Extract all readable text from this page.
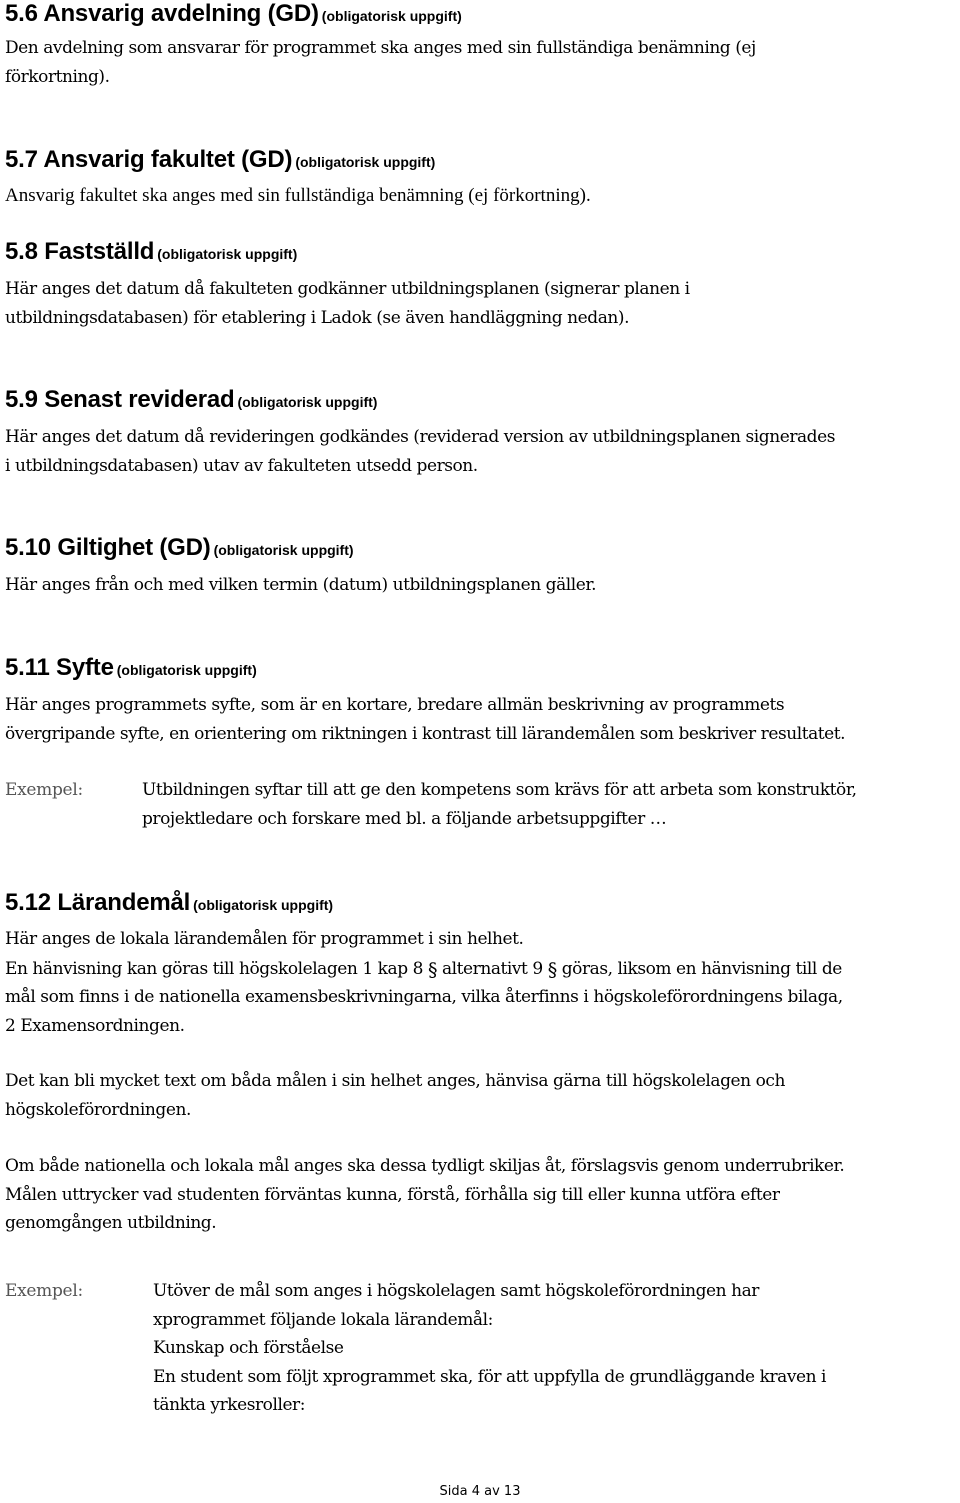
5.6 Ansvarig avdelning (GD) (obligatorisk uppgift)

Den avdelning som ansvarar för programmet ska anges med sin fullständiga benämning (ej

förkortning).

5.7 Ansvarig fakultet (GD) (obligatorisk uppgift)

Ansvarig fakultet ska anges med sin fullständiga benämning (ej förkortning).

5.8 Fastställd (obligatorisk uppgift)

Här anges det datum då fakulteten godkänner utbildningsplanen (signerar planen i

utbildningsdatabasen) för etablering i Ladok (se även handläggning nedan).

5.9 Senast reviderad (obligatorisk uppgift)

Här anges det datum då revideringen godkändes (reviderad version av utbildningsplanen signerades

i utbildningsdatabasen) utav av fakulteten utsedd person.

5.10 Giltighet (GD) (obligatorisk uppgift)

Här anges från och med vilken termin (datum) utbildningsplanen gäller.

5.11 Syfte (obligatorisk uppgift)

Här anges programmets syfte, som är en kortare, bredare allmän beskrivning av programmets

övergripande syfte, en orientering om riktningen i kontrast till lärandemålen som beskriver resultatet.

Exempel:	Utbildningen syftar till att ge den kompetens som krävs för att arbeta som konstruktör,

projektledare och forskare med bl. a följande arbetsuppgifter …

5.12 Lärandemål (obligatorisk uppgift)

Här anges de lokala lärandemålen för programmet i sin helhet.

En hänvisning kan göras till högskolelagen 1 kap 8 § alternativt 9 § göras, liksom en hänvisning till de

mål som finns i de nationella examensbeskrivningarna, vilka återfinns i högskoleförordningens bilaga,

2 Examensordningen.

Det kan bli mycket text om båda målen i sin helhet anges, hänvisa gärna till högskolelagen och

högskoleförordningen.

Om både nationella och lokala mål anges ska dessa tydligt skiljas åt, förslagsvis genom underrubriker.

Målen uttrycker vad studenten förväntas kunna, förstå, förhålla sig till eller kunna utföra efter

genomgången utbildning.

Exempel:	Utöver de mål som anges i högskolelagen samt högskoleförordningen har

xprogrammet följande lokala lärandemål:

Kunskap och förståelse

En student som följt xprogrammet ska, för att uppfylla de grundläggande kraven i

tänkta yrkesroller:

Sida 4 av 13
